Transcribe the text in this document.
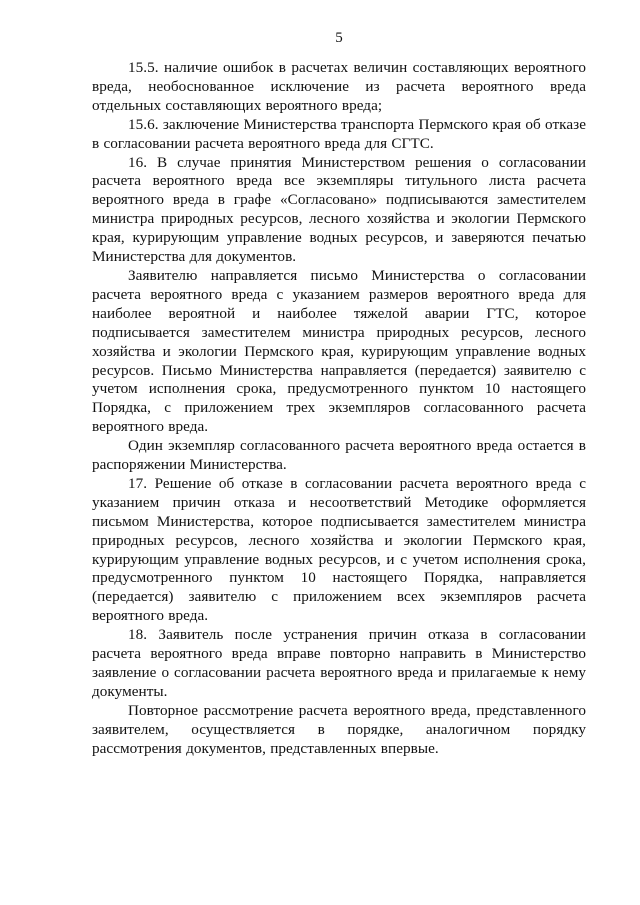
5

15.5. наличие ошибок в расчетах величин составляющих вероятного вреда, необоснованное исключение из расчета вероятного вреда отдельных составляющих вероятного вреда;

15.6. заключение Министерства транспорта Пермского края об отказе в согласовании расчета вероятного вреда для СГТС.

16. В случае принятия Министерством решения о согласовании расчета вероятного вреда все экземпляры титульного листа расчета вероятного вреда в графе «Согласовано» подписываются заместителем министра природных ресурсов, лесного хозяйства и экологии Пермского края, курирующим управление водных ресурсов, и заверяются печатью Министерства для документов.

Заявителю направляется письмо Министерства о согласовании расчета вероятного вреда с указанием размеров вероятного вреда для наиболее вероятной и наиболее тяжелой аварии ГТС, которое подписывается заместителем министра природных ресурсов, лесного хозяйства и экологии Пермского края, курирующим управление водных ресурсов. Письмо Министерства направляется (передается) заявителю с учетом исполнения срока, предусмотренного пунктом 10 настоящего Порядка, с приложением трех экземпляров согласованного расчета вероятного вреда.

Один экземпляр согласованного расчета вероятного вреда остается в распоряжении Министерства.

17. Решение об отказе в согласовании расчета вероятного вреда с указанием причин отказа и несоответствий Методике оформляется письмом Министерства, которое подписывается заместителем министра природных ресурсов, лесного хозяйства и экологии Пермского края, курирующим управление водных ресурсов, и с учетом исполнения срока, предусмотренного пунктом 10 настоящего Порядка, направляется (передается) заявителю с приложением всех экземпляров расчета вероятного вреда.

18. Заявитель после устранения причин отказа в согласовании расчета вероятного вреда вправе повторно направить в Министерство заявление о согласовании расчета вероятного вреда и прилагаемые к нему документы.

Повторное рассмотрение расчета вероятного вреда, представленного заявителем, осуществляется в порядке, аналогичном порядку рассмотрения документов, представленных впервые.
